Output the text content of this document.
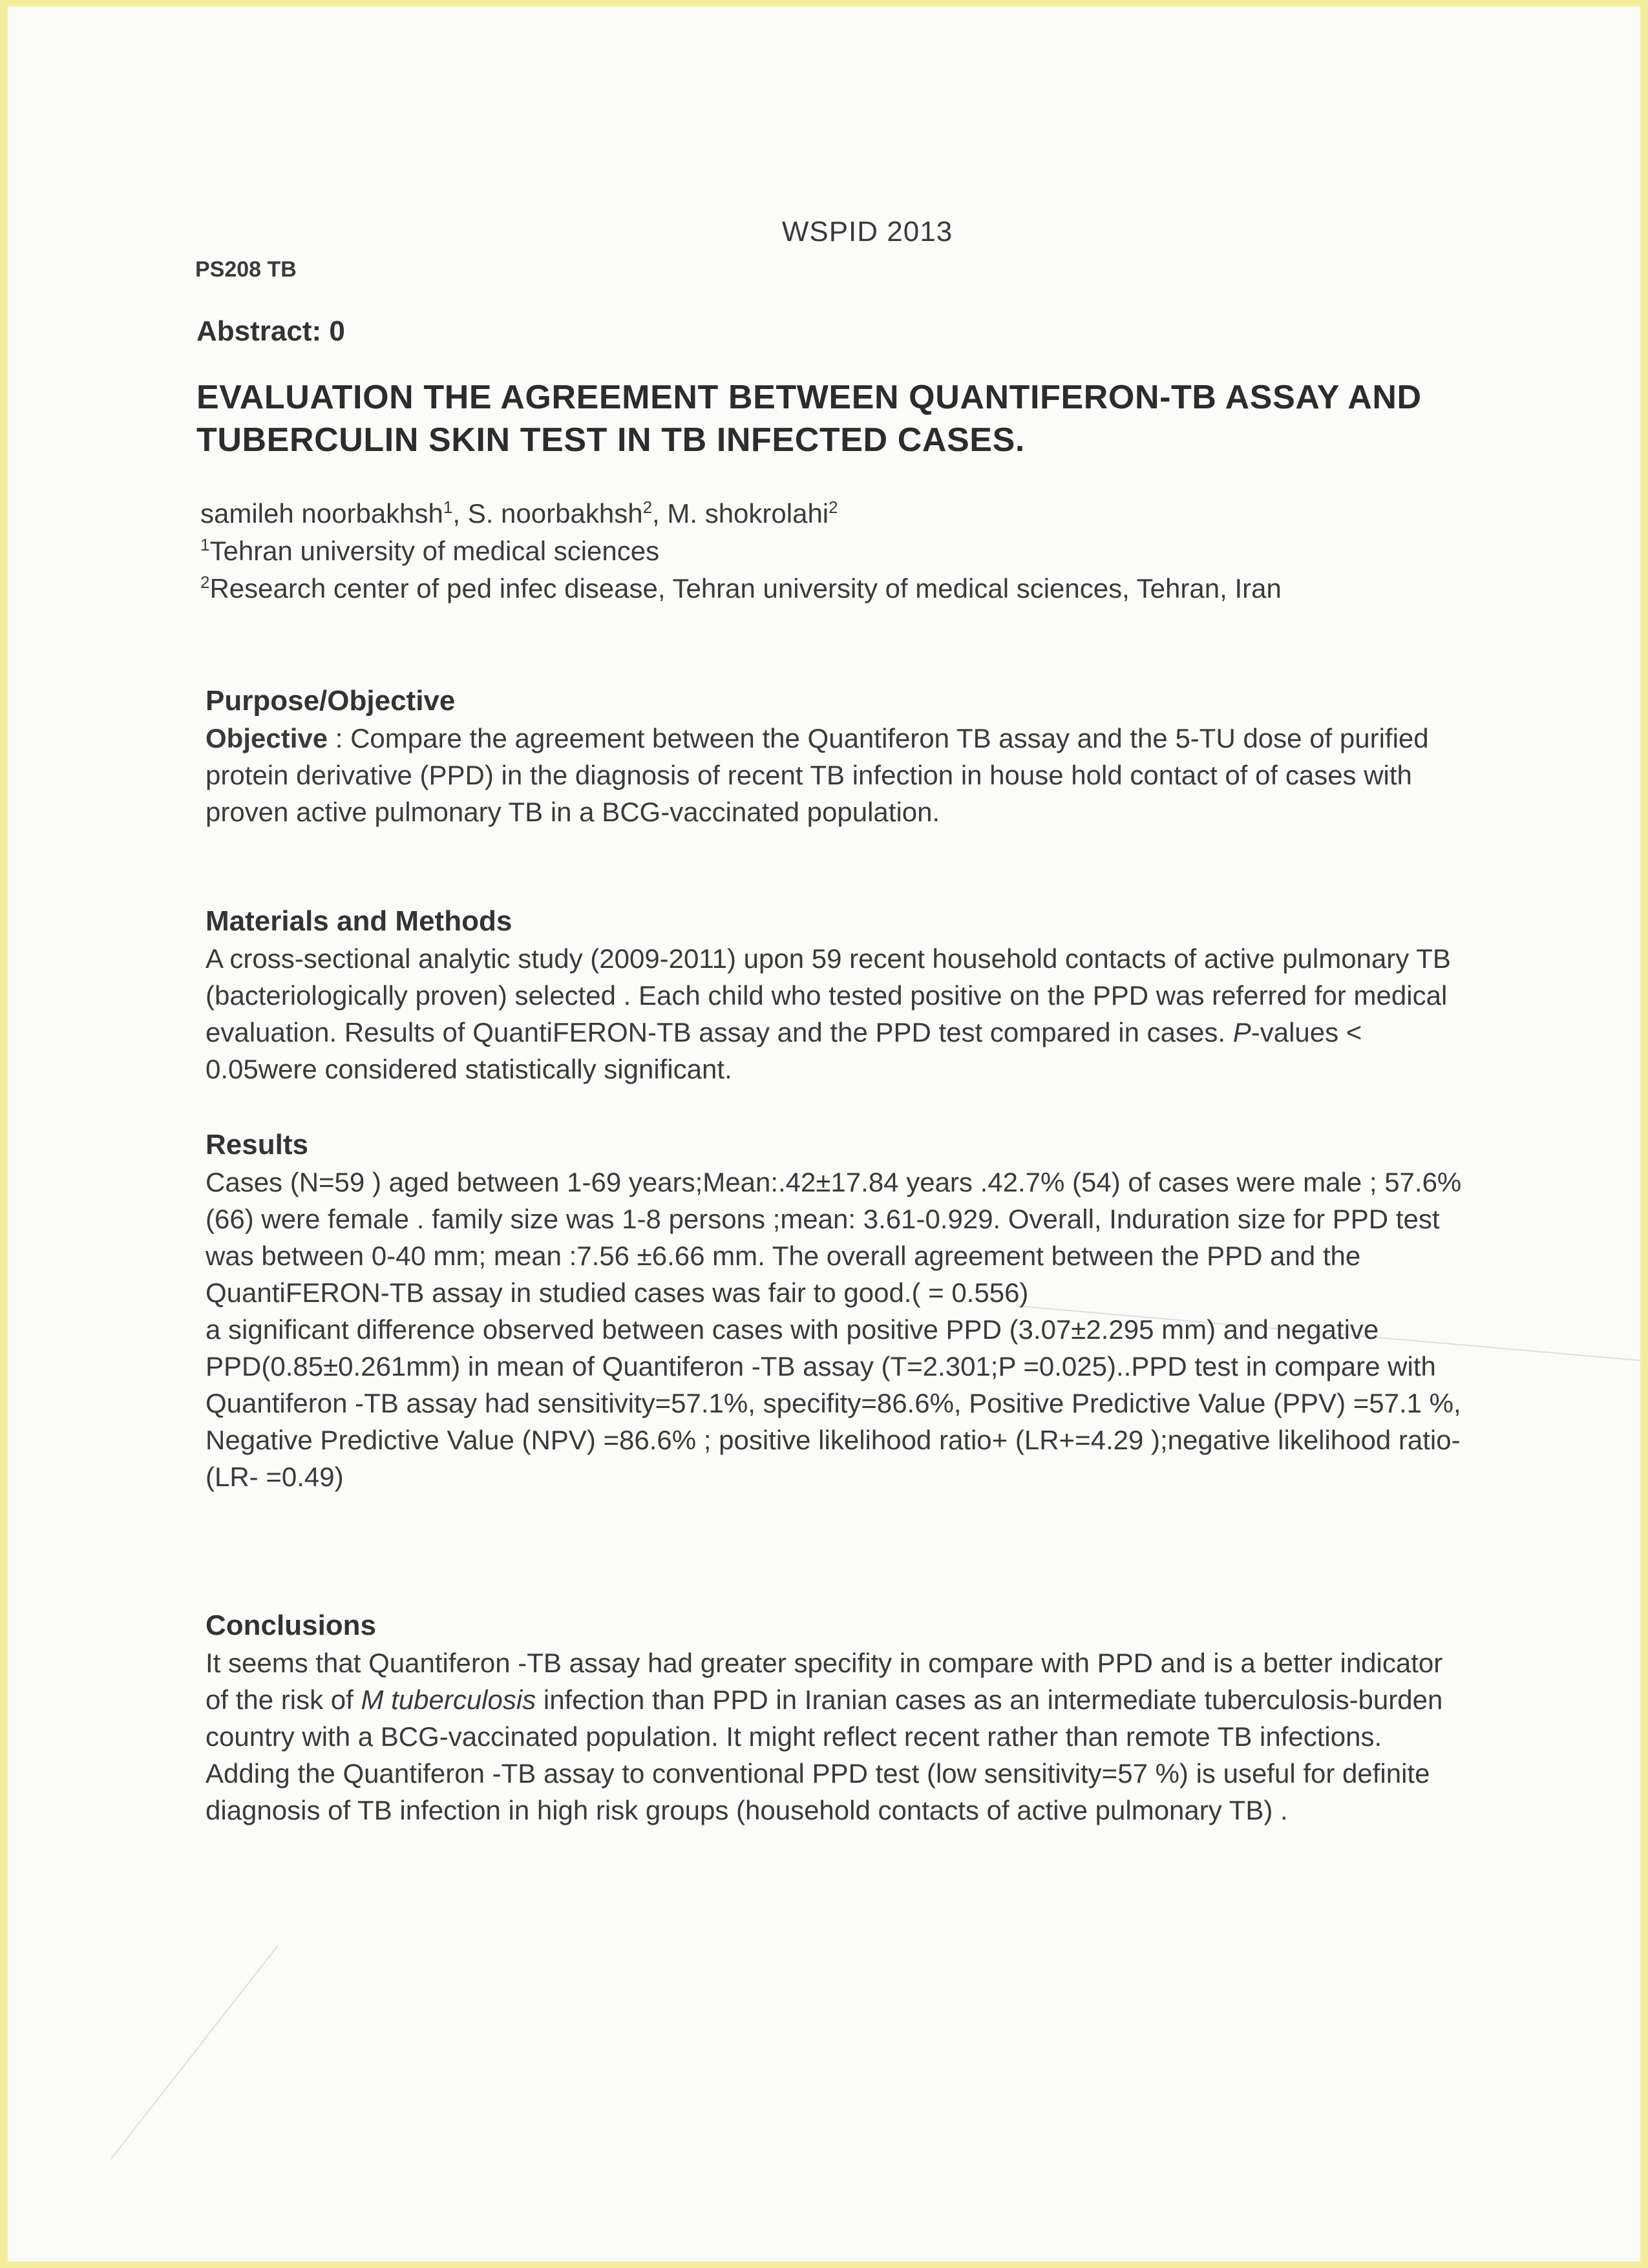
WSPID 2013
PS208 TB
Abstract: 0
EVALUATION THE AGREEMENT BETWEEN QUANTIFERON-TB ASSAY AND TUBERCULIN SKIN TEST IN TB INFECTED CASES.
samileh noorbakhsh$^1$, S. noorbakhsh$^2$, M. shokrolahi$^2$
$^1$Tehran university of medical sciences
$^2$Research center of ped infec disease, Tehran university of medical sciences, Tehran, Iran
Purpose/Objective

Objective : Compare the agreement between the Quantiferon TB assay and the 5-TU dose of purified protein derivative (PPD) in the diagnosis of recent TB infection in house hold contact of of cases with proven active pulmonary TB in a BCG-vaccinated population.

Materials and Methods

A cross-sectional analytic study (2009-2011) upon 59 recent household contacts of active pulmonary TB (bacteriologically proven) selected . Each child who tested positive on the PPD was referred for medical evaluation. Results of QuantiFERON-TB assay and the PPD test compared in cases. P-values < 0.05were considered statistically significant.

Results

Cases (N=59 ) aged between 1-69 years;Mean:.42±17.84 years .42.7% (54) of cases were male ; 57.6% (66) were female . family size was 1-8 persons ;mean: 3.61-0.929. Overall, Induration size for PPD test was between 0-40 mm; mean :7.56 ±6.66 mm. The overall agreement between the PPD and the QuantiFERON-TB assay in studied cases was fair to good.( = 0.556)

a significant difference observed between cases with positive PPD (3.07±2.295 mm) and negative PPD(0.85±0.261mm) in mean of Quantiferon -TB assay (T=2.301;P =0.025)..PPD test in compare with Quantiferon -TB assay had sensitivity=57.1%, specifity=86.6%, Positive Predictive Value (PPV) =57.1 %, Negative Predictive Value (NPV) =86.6% ; positive likelihood ratio+ (LR+=4.29 );negative likelihood ratio-(LR- =0.49)

Conclusions

It seems that Quantiferon -TB assay had greater specifity in compare with PPD and is a better indicator of the risk of M tuberculosis infection than PPD in Iranian cases as an intermediate tuberculosis-burden country with a BCG-vaccinated population. It might reflect recent rather than remote TB infections. Adding the Quantiferon -TB assay to conventional PPD test (low sensitivity=57 %) is useful for definite diagnosis of TB infection in high risk groups (household contacts of active pulmonary TB) .
